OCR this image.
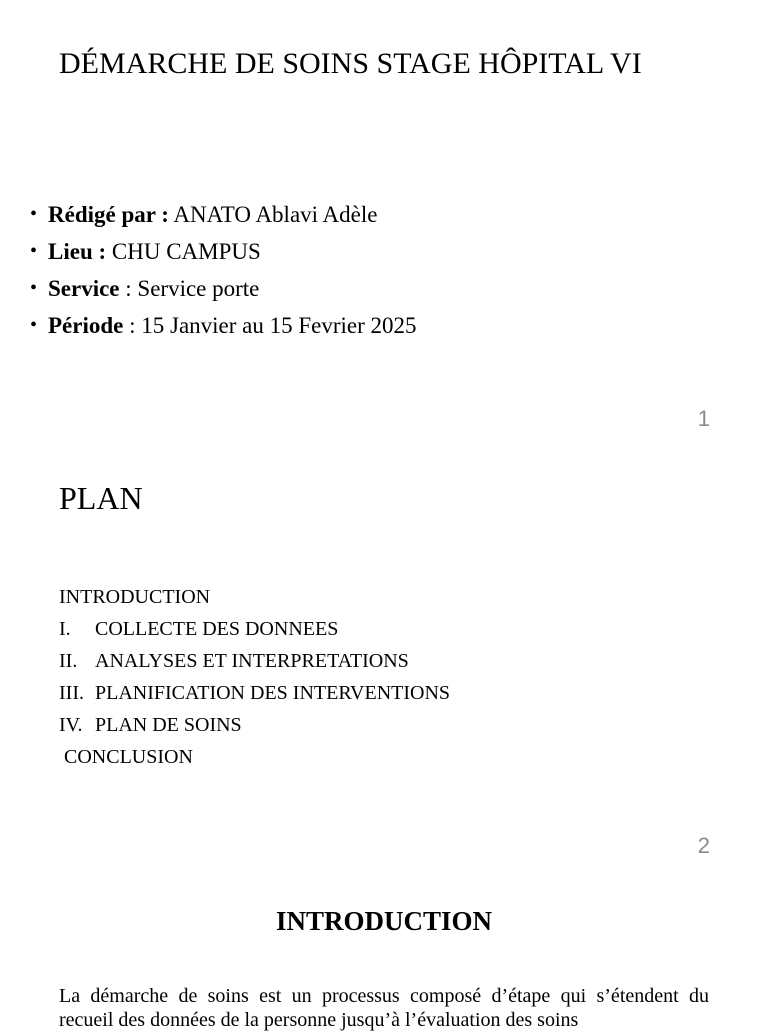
DÉMARCHE DE SOINS STAGE HÔPITAL VI
• Rédigé par : ANATO Ablavi Adèle
• Lieu : CHU CAMPUS
• Service : Service porte
• Période : 15 Janvier au 15 Fevrier 2025
1
PLAN
INTRODUCTION
I. COLLECTE DES DONNEES
II. ANALYSES ET INTERPRETATIONS
III. PLANIFICATION DES INTERVENTIONS
IV. PLAN DE SOINS
CONCLUSION
2
INTRODUCTION

La démarche de soins est un processus composé d’étape qui s’étendent du recueil des données de la personne jusqu’à l’évaluation des soins
